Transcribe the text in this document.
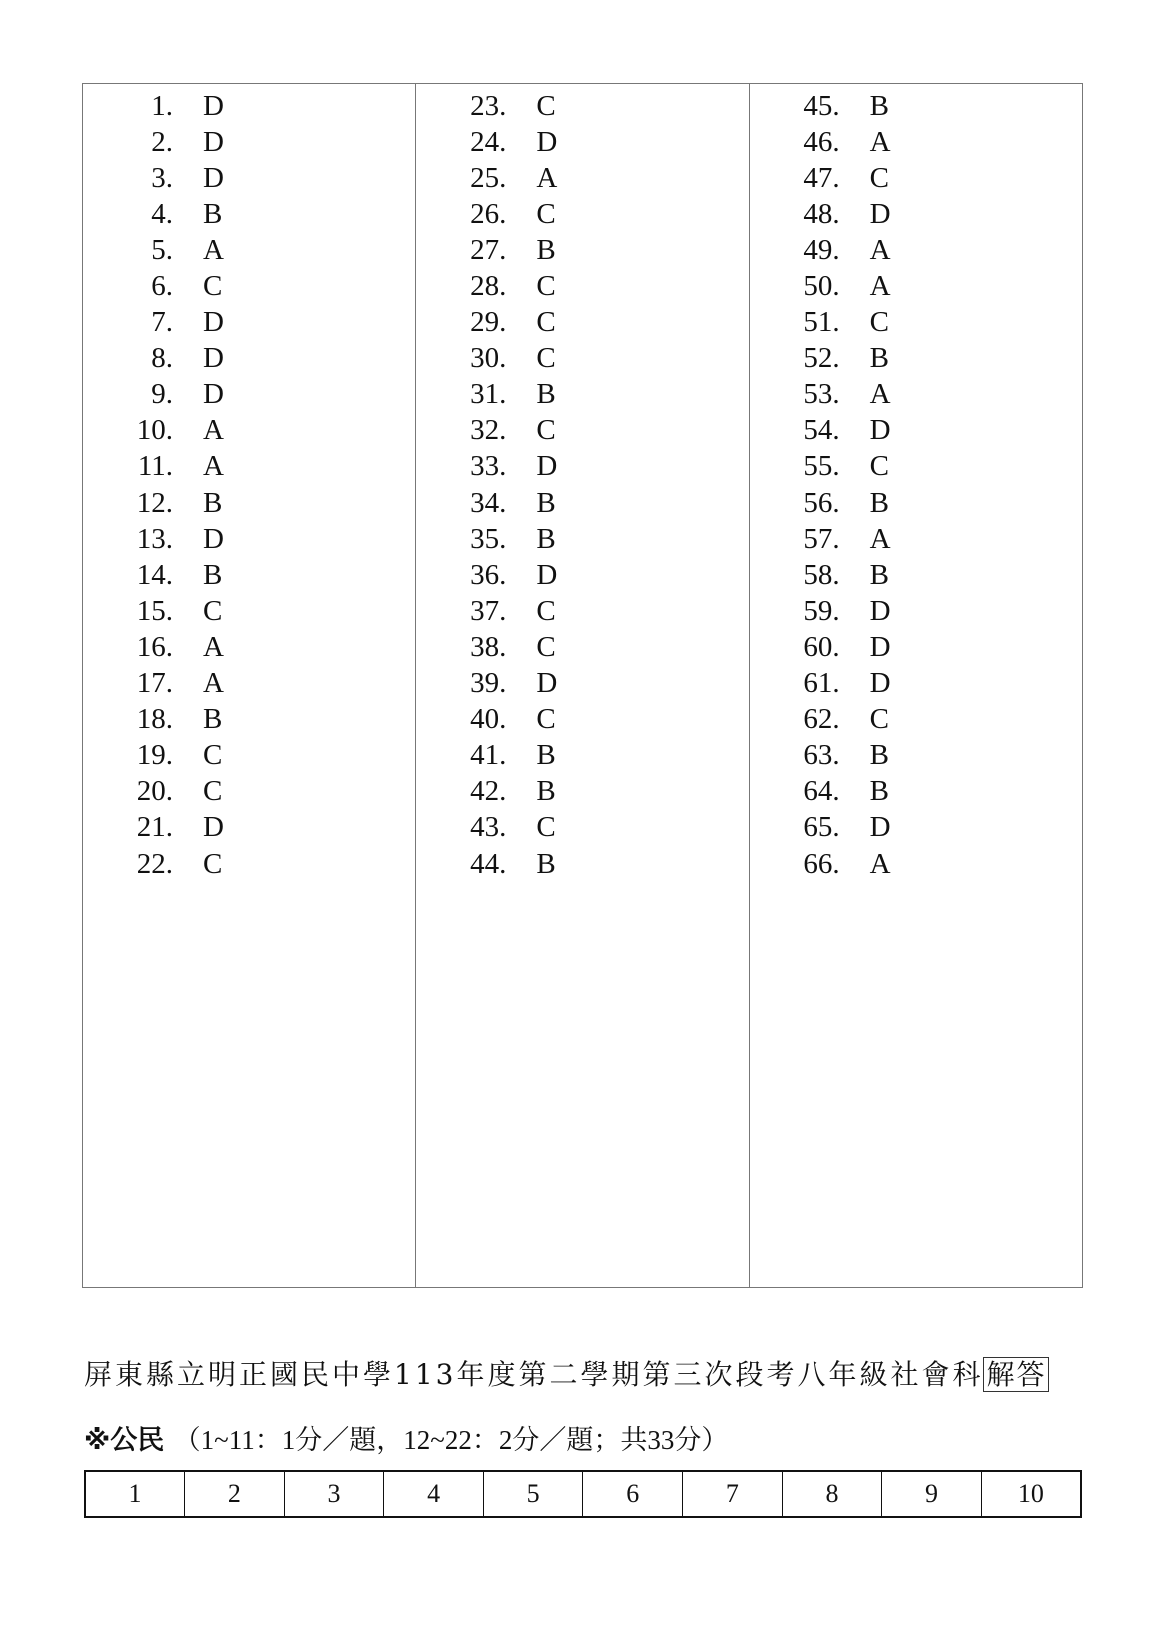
1. D
2. D
3. D
4. B
5. A
6. C
7. D
8. D
9. D
10. A
11. A
12. B
13. D
14. B
15. C
16. A
17. A
18. B
19. C
20. C
21. D
22. C
23. C
24. D
25. A
26. C
27. B
28. C
29. C
30. C
31. B
32. C
33. D
34. B
35. B
36. D
37. C
38. C
39. D
40. C
41. B
42. B
43. C
44. B
45. B
46. A
47. C
48. D
49. A
50. A
51. C
52. B
53. A
54. D
55. C
56. B
57. A
58. B
59. D
60. D
61. D
62. C
63. B
64. B
65. D
66. A
屏東縣立明正國民中學113年度第二學期第三次段考八年級社會科 解答
※公民 （1~11：1分／題，12~22：2分／題；共33分）
1	2	3	4	5	6	7	8	9	10
